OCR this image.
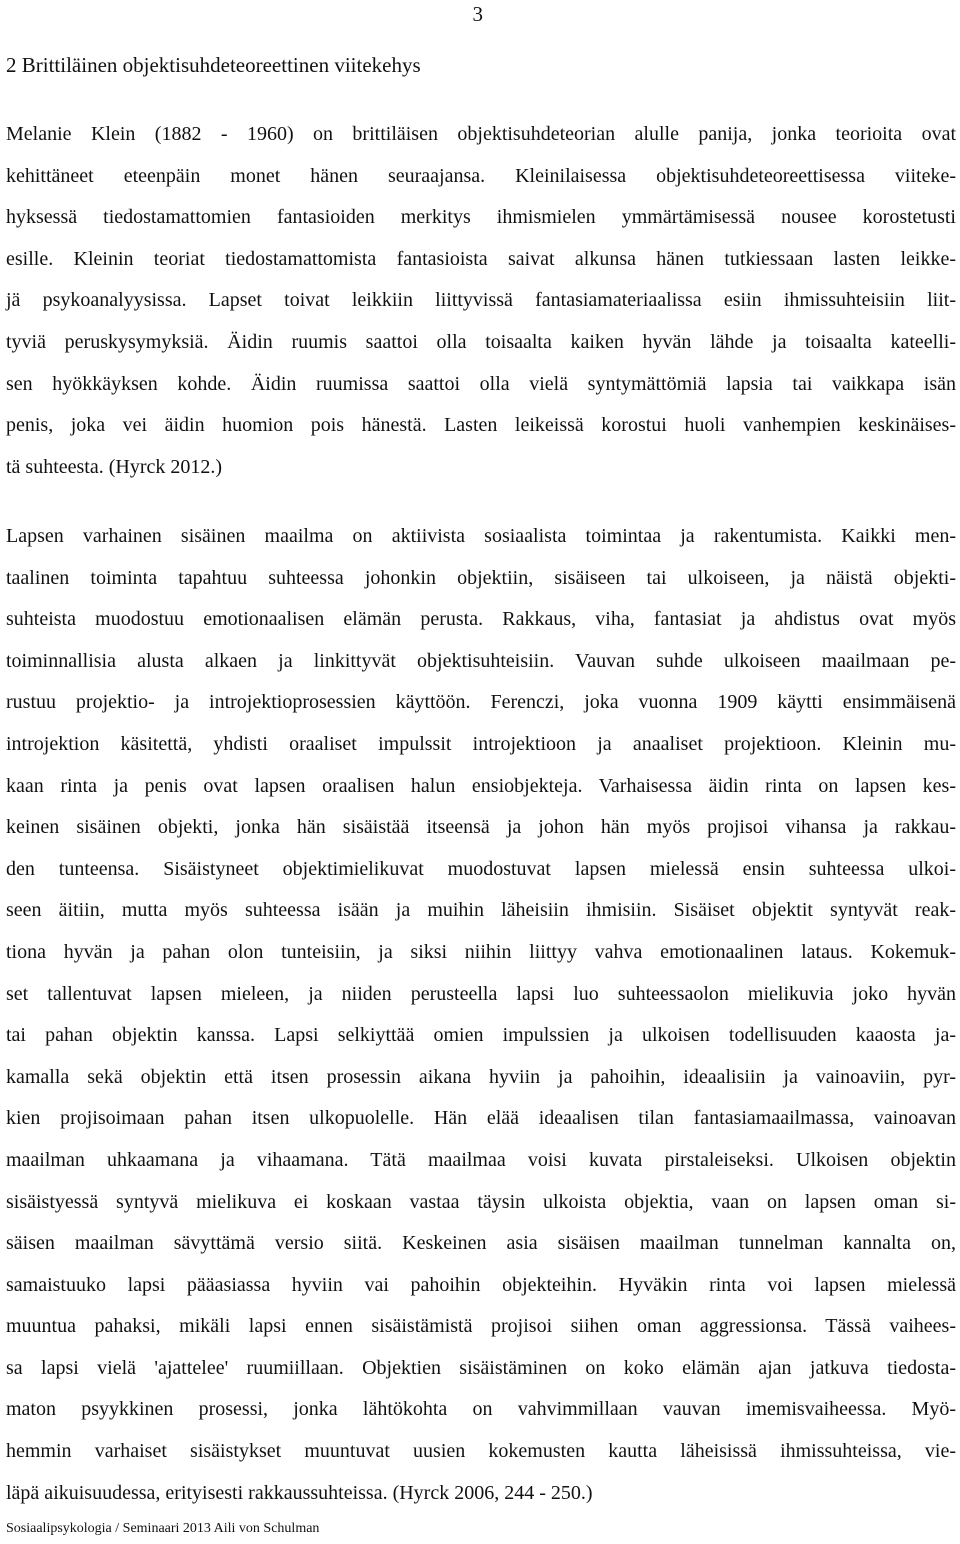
3
2 Brittiläinen objektisuhdeteoreettinen viitekehys
Melanie Klein (1882 - 1960) on brittiläisen objektisuhdeteorian alulle panija, jonka teorioita ovat
kehittäneet eteenpäin monet hänen seuraajansa. Kleinilaisessa objektisuhdeteoreettisessa viiteke-
hyksessä tiedostamattomien fantasioiden merkitys ihmismielen ymmärtämisessä nousee korostetusti
esille. Kleinin teoriat tiedostamattomista fantasioista saivat alkunsa hänen tutkiessaan lasten leikke-
jä psykoanalyysissa. Lapset toivat leikkiin liittyvissä fantasiamateriaalissa esiin ihmissuhteisiin liit-
tyviä peruskysymyksiä. Äidin ruumis saattoi olla toisaalta kaiken hyvän lähde ja toisaalta kateelli-
sen hyökkäyksen kohde. Äidin ruumissa saattoi olla vielä syntymättömiä lapsia tai vaikkapa isän
penis, joka vei äidin huomion pois hänestä. Lasten leikeissä korostui huoli vanhempien keskinäises-
tä suhteesta. (Hyrck 2012.)
Lapsen varhainen sisäinen maailma on aktiivista sosiaalista toimintaa ja rakentumista. Kaikki men-
taalinen toiminta tapahtuu suhteessa johonkin objektiin, sisäiseen tai ulkoiseen, ja näistä objekti-
suhteista muodostuu emotionaalisen elämän perusta. Rakkaus, viha, fantasiat ja ahdistus ovat myös
toiminnallisia alusta alkaen ja linkittyvät objektisuhteisiin. Vauvan suhde ulkoiseen maailmaan pe-
rustuu projektio- ja introjektioprosessien käyttöön. Ferenczi, joka vuonna 1909 käytti ensimmäisenä
introjektion käsitettä, yhdisti oraaliset impulssit introjektioon ja anaaliset projektioon. Kleinin mu-
kaan rinta ja penis ovat lapsen oraalisen halun ensiobjekteja. Varhaisessa äidin rinta on lapsen kes-
keinen sisäinen objekti, jonka hän sisäistää itseensä ja johon hän myös projisoi vihansa ja rakkau-
den tunteensa. Sisäistyneet objektimielikuvat muodostuvat lapsen mielessä ensin suhteessa ulkoi-
seen äitiin, mutta myös suhteessa isään ja muihin läheisiin ihmisiin. Sisäiset objektit syntyvät reak-
tiona hyvän ja pahan olon tunteisiin, ja siksi niihin liittyy vahva emotionaalinen lataus. Kokemuk-
set tallentuvat lapsen mieleen, ja niiden perusteella lapsi luo suhteessaolon mielikuvia joko hyvän
tai pahan objektin kanssa. Lapsi selkiyttää omien impulssien ja ulkoisen todellisuuden kaaosta ja-
kamalla sekä objektin että itsen prosessin aikana hyviin ja pahoihin, ideaalisiin ja vainoaviin, pyr-
kien projisoimaan pahan itsen ulkopuolelle. Hän elää ideaalisen tilan fantasiamaailmassa, vainoavan
maailman uhkaamana ja vihaamana. Tätä maailmaa voisi kuvata pirstaleiseksi. Ulkoisen objektin
sisäistyessä syntyvä mielikuva ei koskaan vastaa täysin ulkoista objektia, vaan on lapsen oman si-
säisen maailman sävyttämä versio siitä. Keskeinen asia sisäisen maailman tunnelman kannalta on,
samaistuuko lapsi pääasiassa hyviin vai pahoihin objekteihin. Hyväkin rinta voi lapsen mielessä
muuntua pahaksi, mikäli lapsi ennen sisäistämistä projisoi siihen oman aggressionsa. Tässä vaihees-
sa lapsi vielä 'ajattelee' ruumiillaan. Objektien sisäistäminen on koko elämän ajan jatkuva tiedosta-
maton psyykkinen prosessi, jonka lähtökohta on vahvimmillaan vauvan imemisvaiheessa. Myö-
hemmin varhaiset sisäistykset muuntuvat uusien kokemusten kautta läheisissä ihmissuhteissa, vie-
läpä aikuisuudessa, erityisesti rakkaussuhteissa. (Hyrck 2006, 244 - 250.)
Sosiaalipsykologia / Seminaari 2013 Aili von Schulman
